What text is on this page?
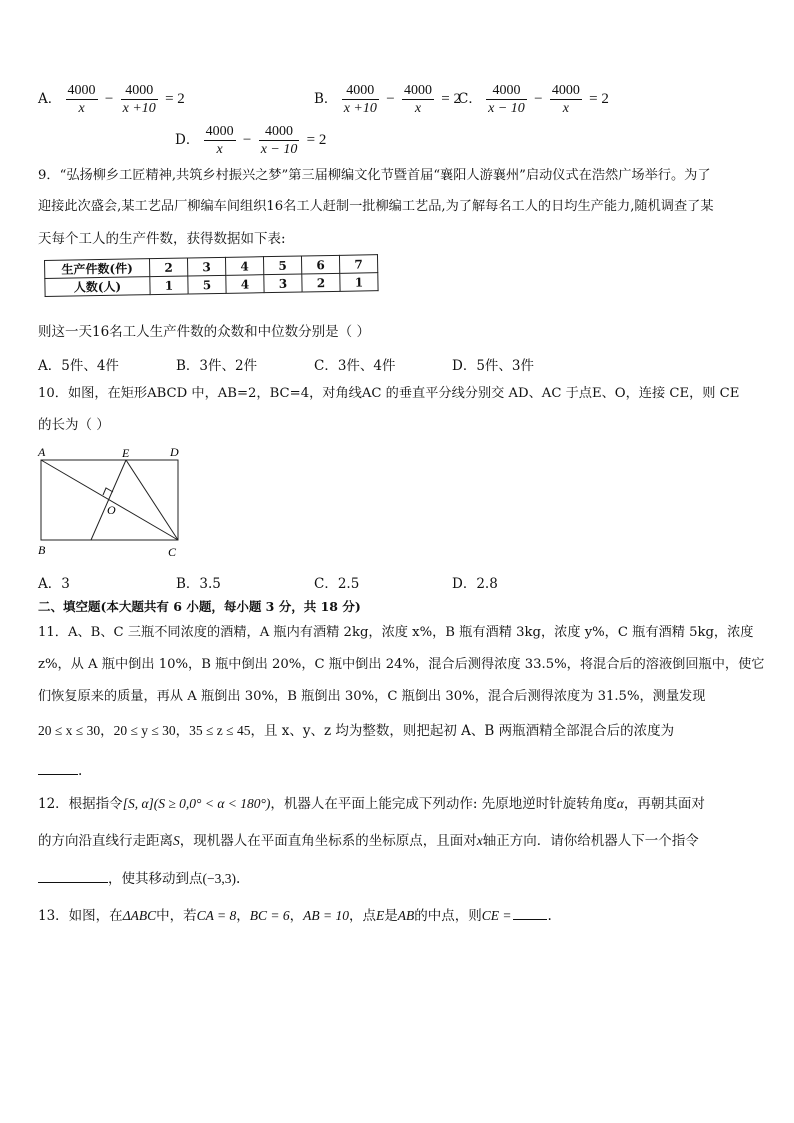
A． $\frac{4000}{x} - \frac{4000}{x +10} = 2$	B． $\frac{4000}{x +10} - \frac{4000}{x} = 2$
C． $\frac{4000}{x - 10} - \frac{4000}{x} = 2$
D． $\frac{4000}{x} - \frac{4000}{x - 10} = 2$
9．“弘扬柳乡工匠精神,共筑乡村振兴之梦”第三届柳编文化节暨首届“襄阳人游襄州”启动仪式在浩然广场举行。为了
迎接此次盛会,某工艺品厂柳编车间组织16名工人赶制一批柳编工艺品,为了解每名工人的日均生产能力,随机调查了某
天每个工人的生产件数，获得数据如下表:
生产件数(件)	2	3	4	5	6	7
人数(人)	1	5	4	3	2	1
则这一天16名工人生产件数的众数和中位数分别是（ ）
A．5件、4件	B．3件、2件	C．3件、4件	D．5件、3件
10．如图，在矩形ABCD 中，AB=2，BC=4，对角线AC 的垂直平分线分别交 AD、AC 于点E、O，连接 CE，则 CE
的长为（ ）
A	E	D
O
B	C
A．3	B．3.5	C．2.5	D．2.8
二、填空题(本大题共有 6 小题，每小题 3 分，共 18 分)
11．A、B、C 三瓶不同浓度的酒精，A 瓶内有酒精 2kg，浓度 x%，B 瓶有酒精 3kg，浓度 y%，C 瓶有酒精 5kg，浓度
z%，从 A 瓶中倒出 10%，B 瓶中倒出 20%，C 瓶中倒出 24%，混合后测得浓度 33.5%，将混合后的溶液倒回瓶中，使它
们恢复原来的质量，再从 A 瓶倒出 30%，B 瓶倒出 30%，C 瓶倒出 30%，混合后测得浓度为 31.5%，测量发现
20 ≤ x ≤ 30，20 ≤ y ≤ 30，35 ≤ z ≤ 45，且 x、y、z 均为整数，则把起初 A、B 两瓶酒精全部混合后的浓度为
.
12．根据指令[S, α](S ≥ 0,0° < α < 180°)，机器人在平面上能完成下列动作: 先原地逆时针旋转角度α，再朝其面对
的方向沿直线行走距离S，现机器人在平面直角坐标系的坐标原点，且面对x轴正方向．请你给机器人下一个指令
，使其移动到点(−3,3).
13．如图，在ΔABC中，若CA = 8，BC = 6，AB = 10，点E是AB的中点，则CE =	.
